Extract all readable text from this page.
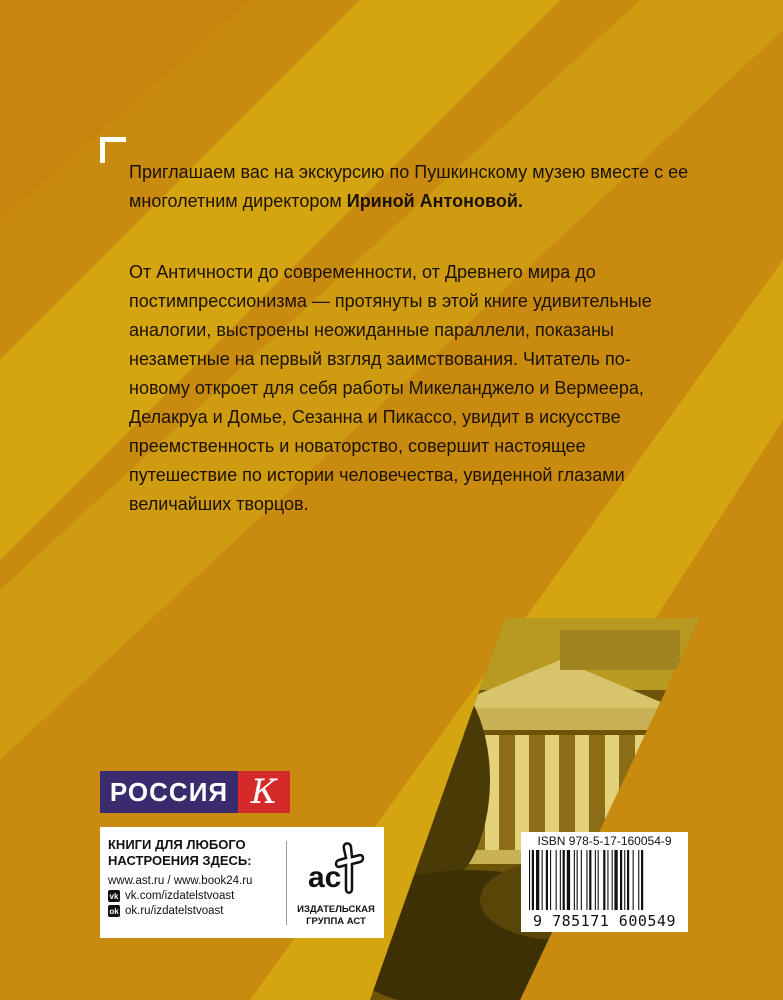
Приглашаем вас на экскурсию по Пушкинскому музею вместе с ее многолетним директором Ириной Антоновой.

От Античности до современности, от Древнего мира до постимпрессионизма — протянуты в этой книге удивительные аналогии, выстроены неожиданные параллели, показаны незаметные на первый взгляд заимствования. Читатель по-новому откроет для себя работы Микеланджело и Вермеера, Делакруа и Домье, Сезанна и Пикассо, увидит в искусстве преемственность и новаторство, совершит настоящее путешествие по истории человечества, увиденной глазами величайших творцов.

РОССИЯ К

КНИГИ ДЛЯ ЛЮБОГО
НАСТРОЕНИЯ ЗДЕСЬ:

www.ast.ru / www.book24.ru
vk vk.com/izdatelstvoast
ok ok.ru/izdatelstvoast
ас
ИЗДАТЕЛЬСКАЯ
ГРУППА АСТ
ISBN 978-5-17-160054-9
9 785171 600549
